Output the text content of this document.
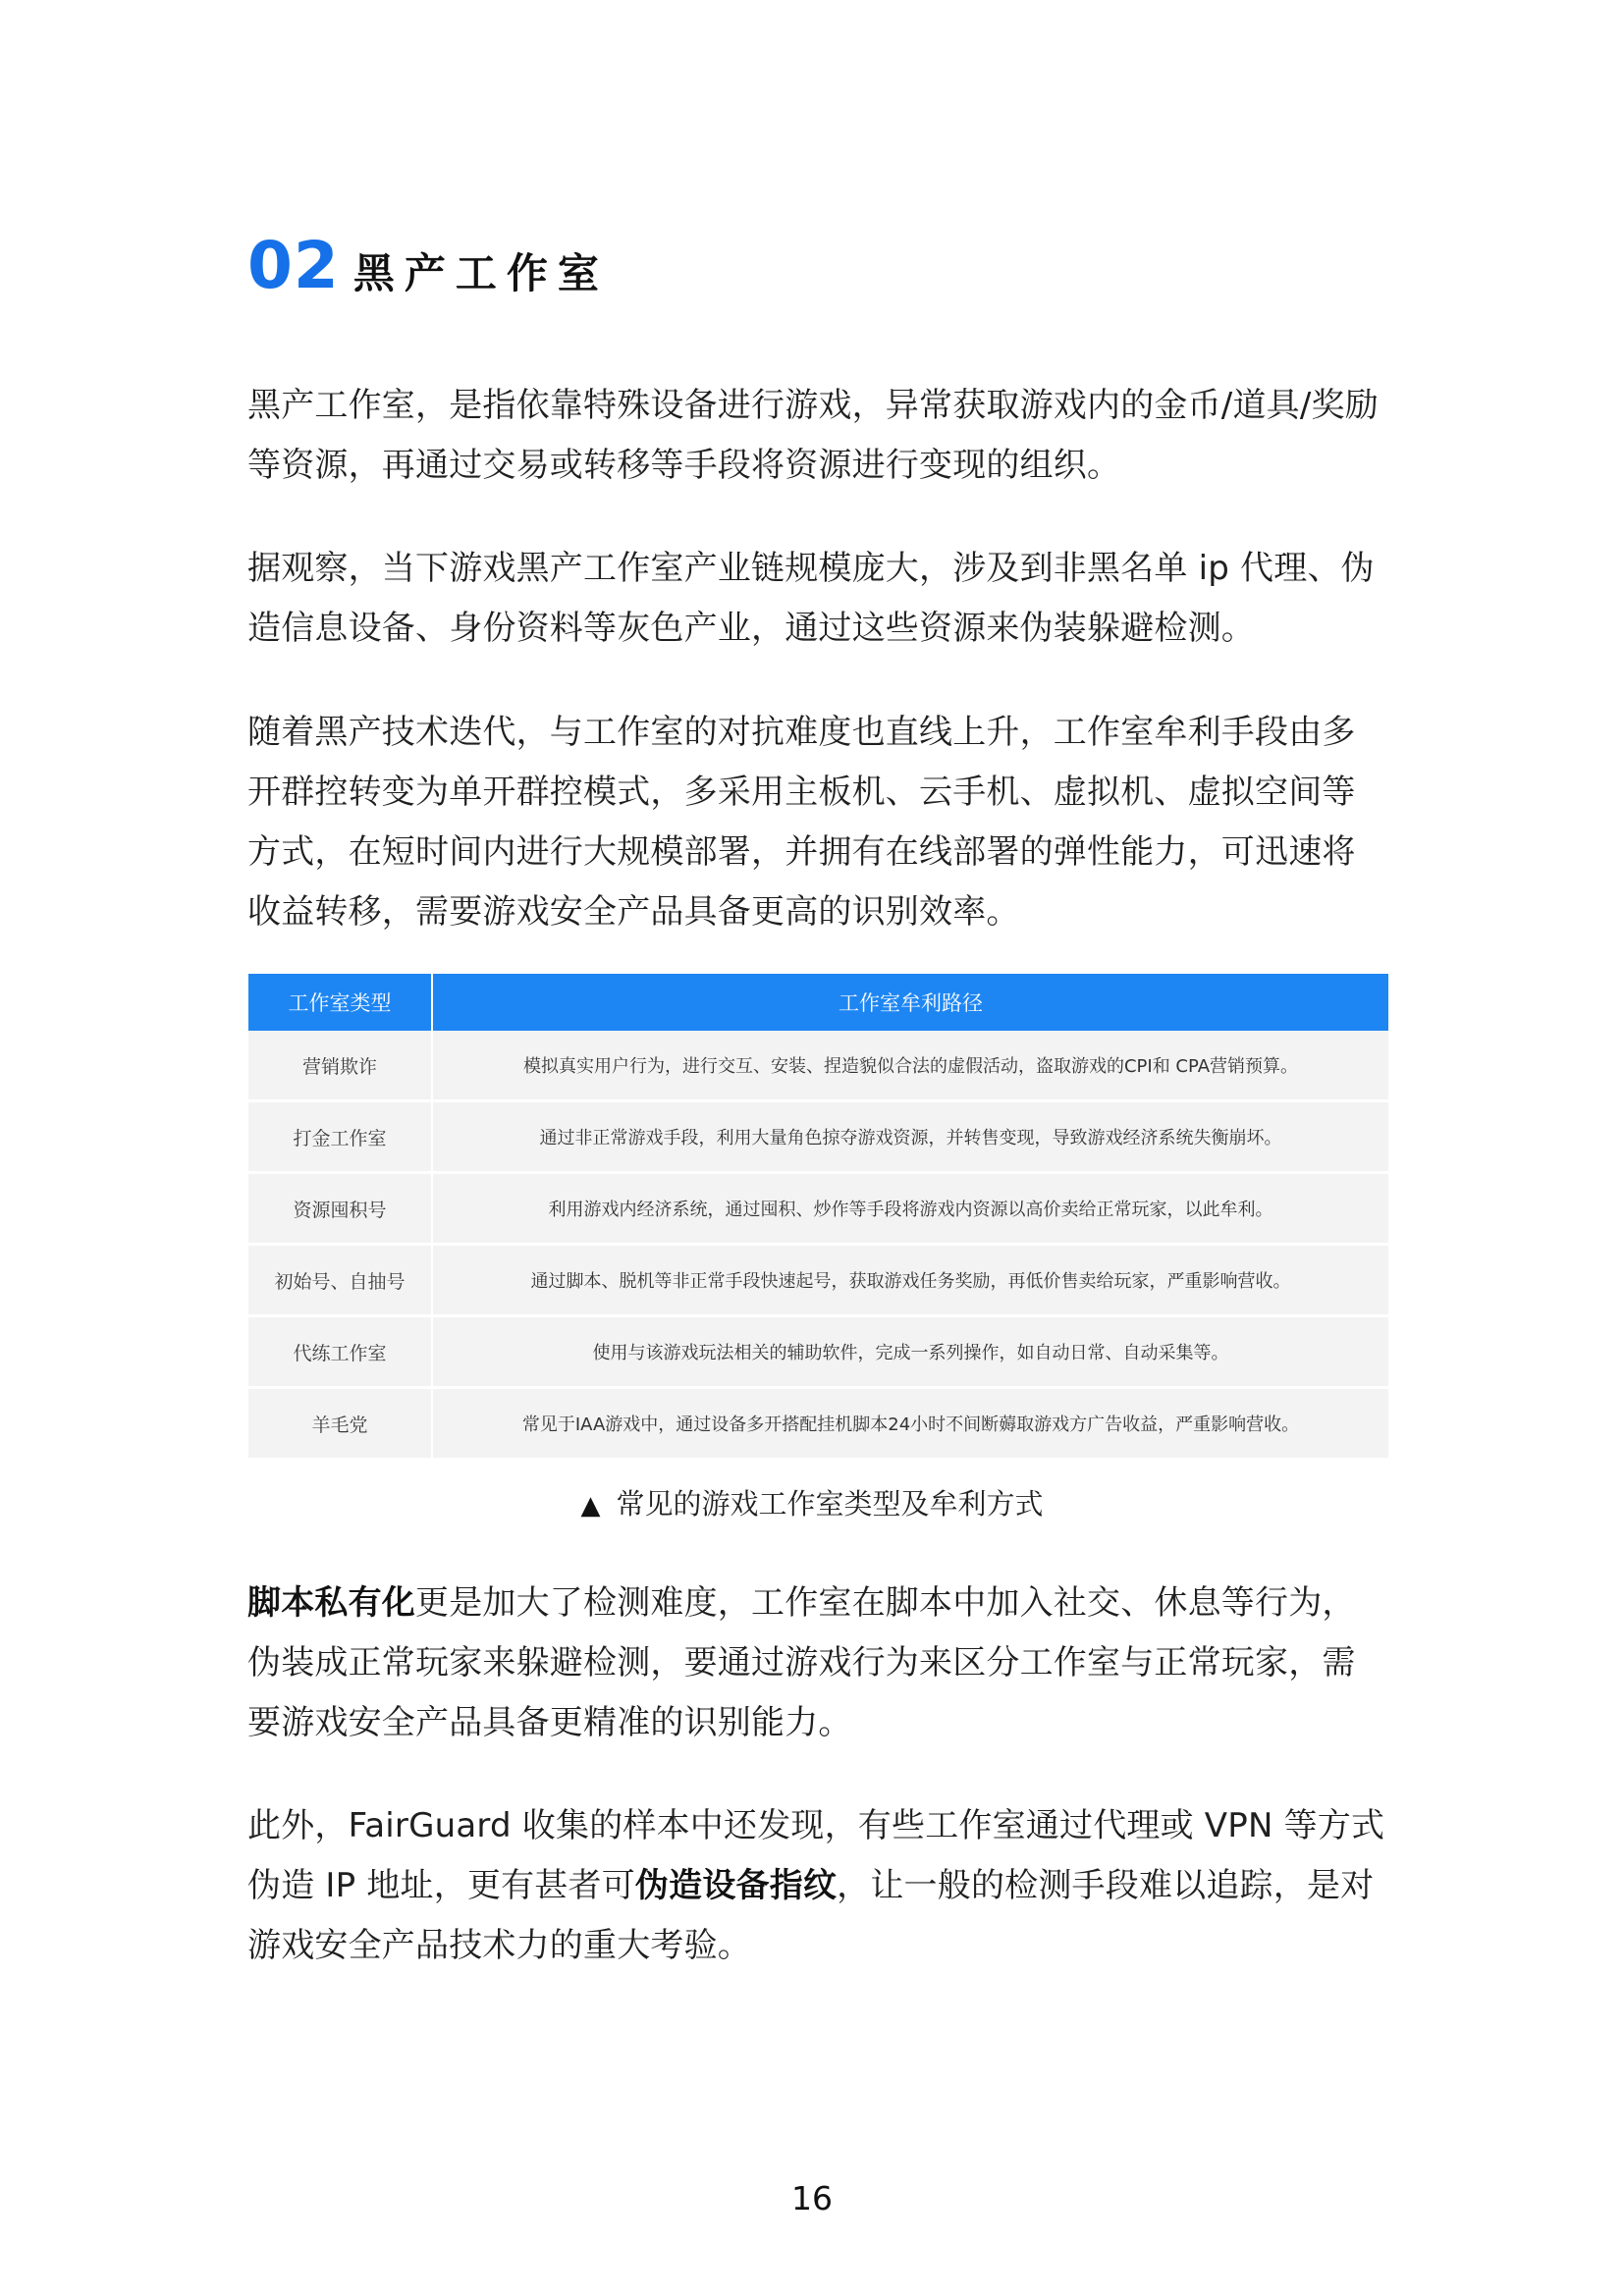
02 黑产工作室

黑产工作室，是指依靠特殊设备进行游戏，异常获取游戏内的金币/道具/奖励等资源，再通过交易或转移等手段将资源进行变现的组织。

据观察，当下游戏黑产工作室产业链规模庞大，涉及到非黑名单 ip 代理、伪造信息设备、身份资料等灰色产业，通过这些资源来伪装躲避检测。

随着黑产技术迭代，与工作室的对抗难度也直线上升，工作室牟利手段由多开群控转变为单开群控模式，多采用主板机、云手机、虚拟机、虚拟空间等方式，在短时间内进行大规模部署，并拥有在线部署的弹性能力，可迅速将收益转移，需要游戏安全产品具备更高的识别效率。

工作室类型	工作室牟利路径
营销欺诈	模拟真实用户行为，进行交互、安装、捏造貌似合法的虚假活动，盗取游戏的CPI和 CPA营销预算。
打金工作室	通过非正常游戏手段，利用大量角色掠夺游戏资源，并转售变现，导致游戏经济系统失衡崩坏。
资源囤积号	利用游戏内经济系统，通过囤积、炒作等手段将游戏内资源以高价卖给正常玩家，以此牟利。
初始号、自抽号	通过脚本、脱机等非正常手段快速起号，获取游戏任务奖励，再低价售卖给玩家，严重影响营收。
代练工作室	使用与该游戏玩法相关的辅助软件，完成一系列操作，如自动日常、自动采集等。
羊毛党	常见于IAA游戏中，通过设备多开搭配挂机脚本24小时不间断薅取游戏方广告收益，严重影响营收。
▲ 常见的游戏工作室类型及牟利方式

脚本私有化更是加大了检测难度，工作室在脚本中加入社交、休息等行为，伪装成正常玩家来躲避检测，要通过游戏行为来区分工作室与正常玩家，需要游戏安全产品具备更精准的识别能力。

此外，FairGuard 收集的样本中还发现，有些工作室通过代理或 VPN 等方式伪造 IP 地址，更有甚者可伪造设备指纹，让一般的检测手段难以追踪，是对游戏安全产品技术力的重大考验。

16
